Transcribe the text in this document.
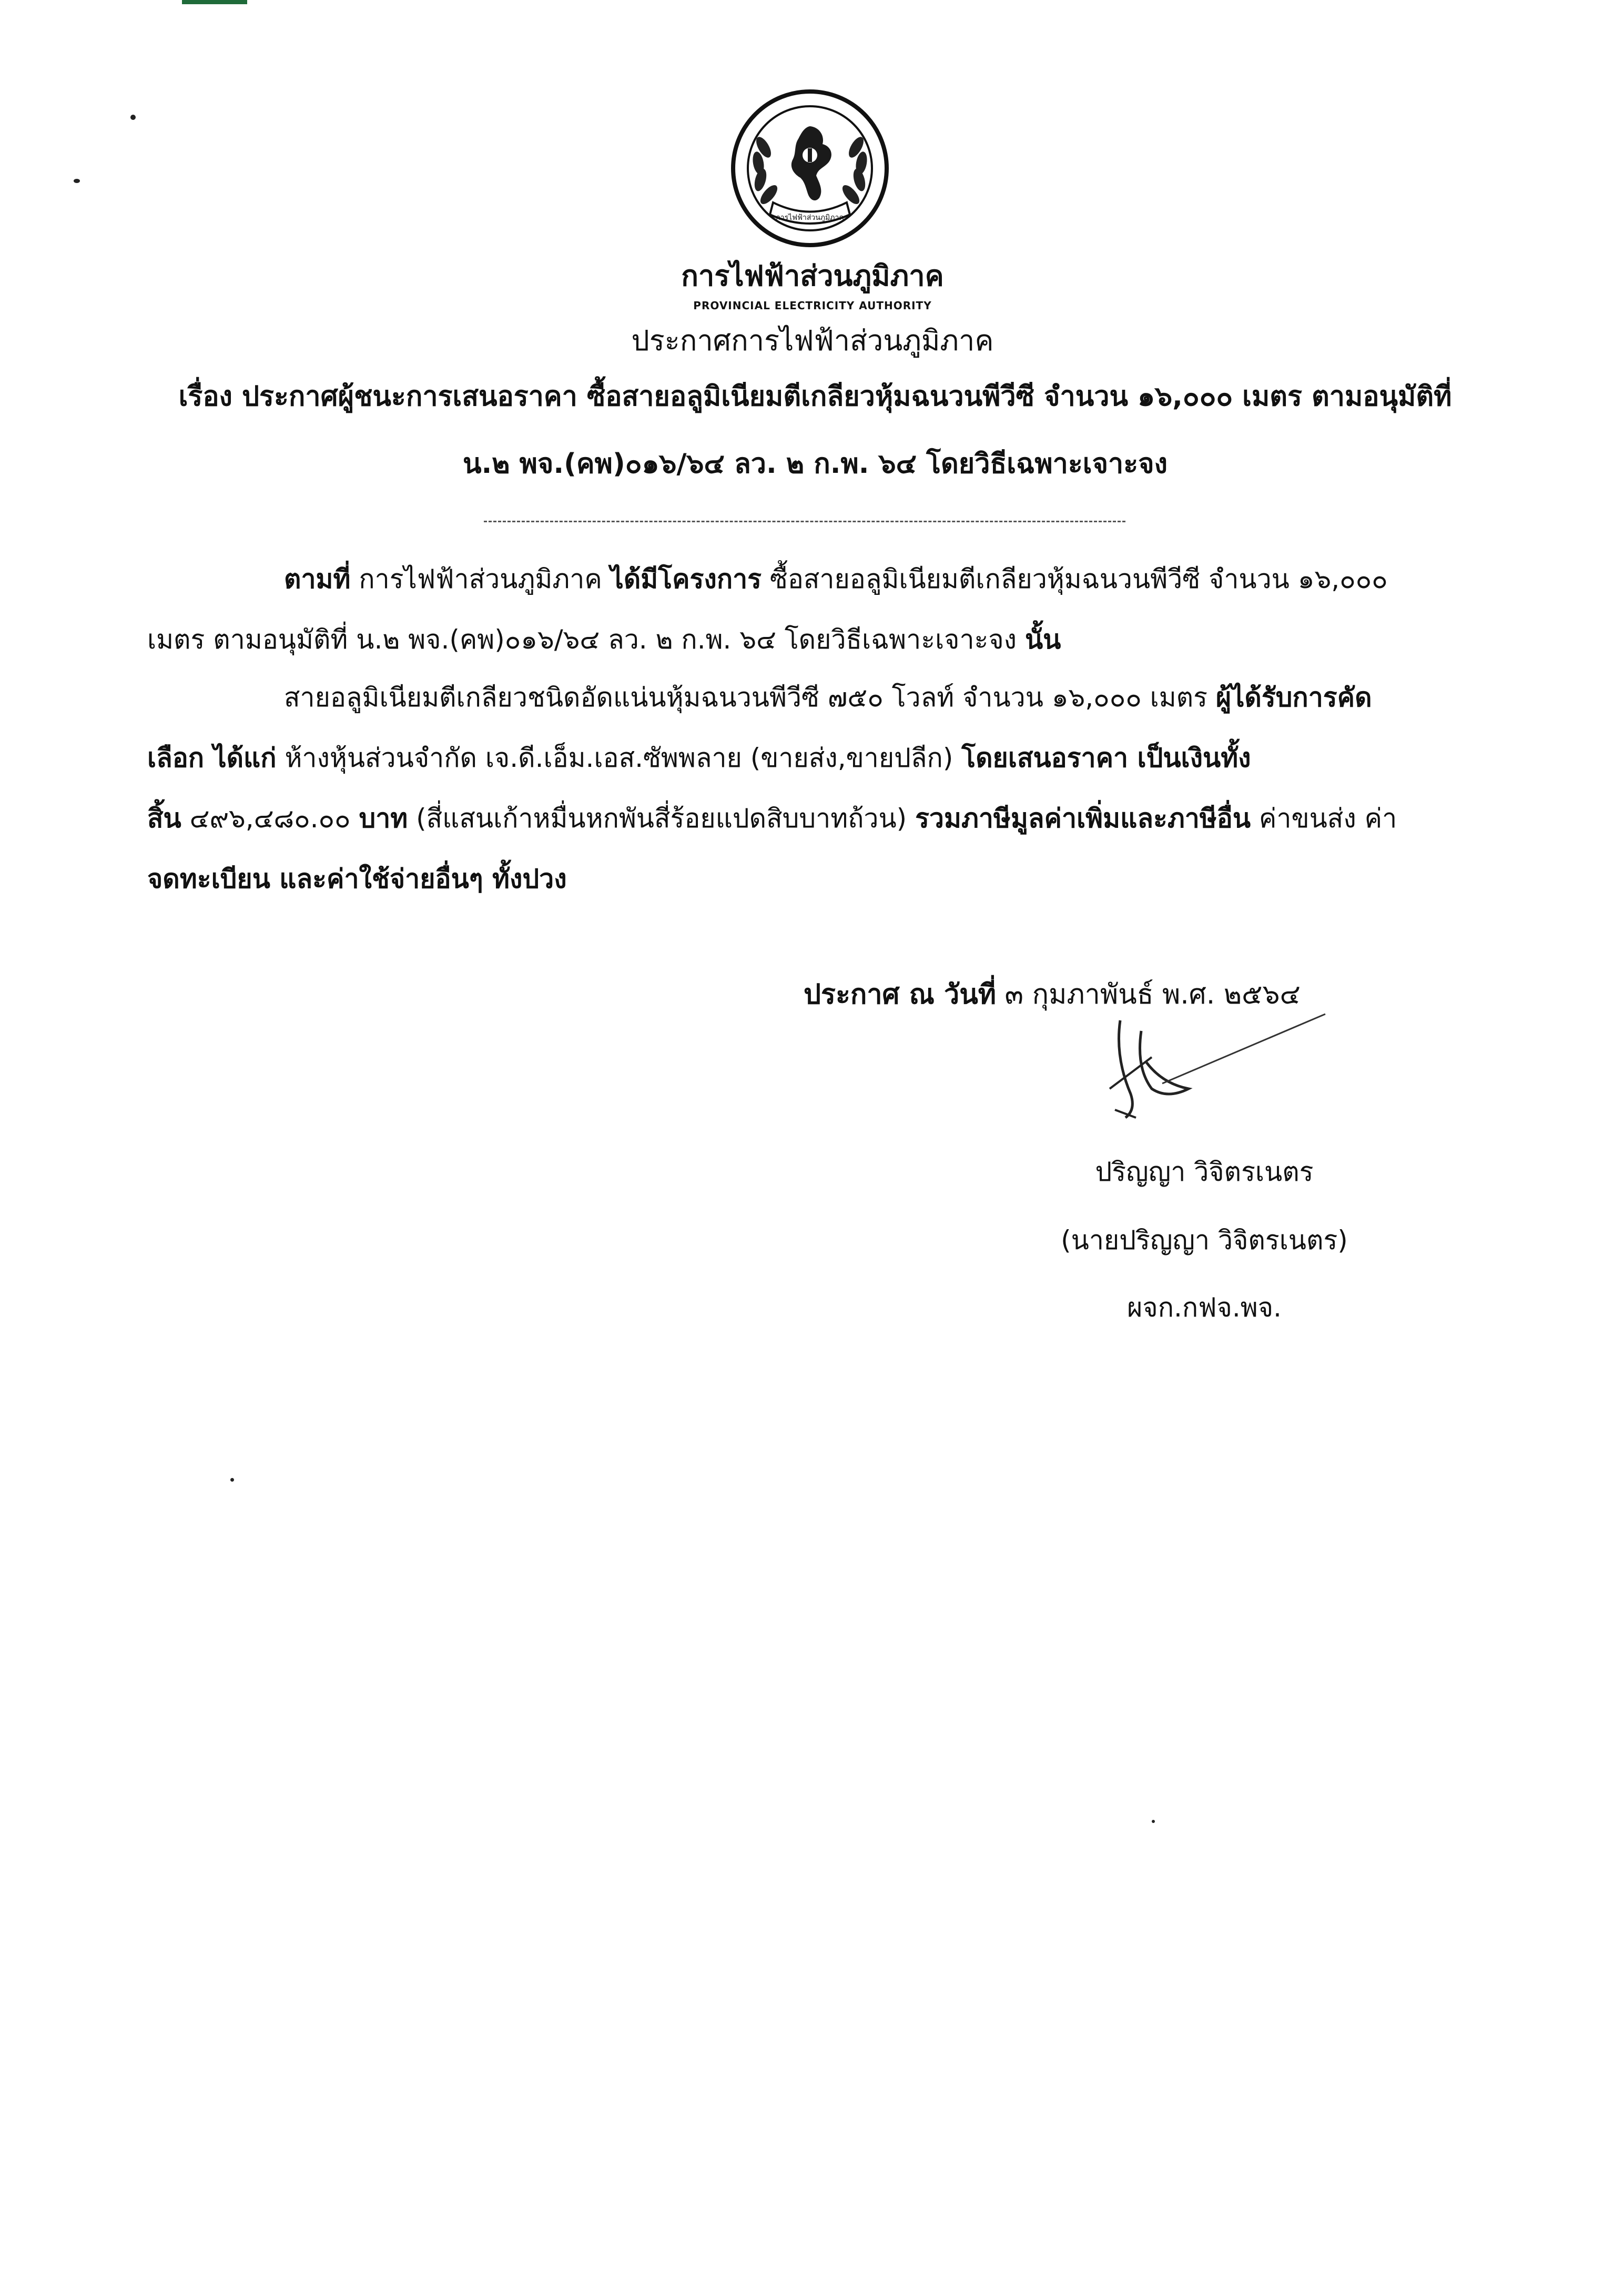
การไฟฟ้าส่วนภูมิภาค
การไฟฟ้าส่วนภูมิภาค
PROVINCIAL ELECTRICITY AUTHORITY
ประกาศการไฟฟ้าส่วนภูมิภาค
เรื่อง ประกาศผู้ชนะการเสนอราคา ซื้อสายอลูมิเนียมตีเกลียวหุ้มฉนวนพีวีซี จำนวน ๑๖,๐๐๐ เมตร ตามอนุมัติที่
น.๒ พจ.(คพ)๐๑๖/๖๔ ลว. ๒ ก.พ. ๖๔ โดยวิธีเฉพาะเจาะจง
ตามที่ การไฟฟ้าส่วนภูมิภาค ได้มีโครงการ ซื้อสายอลูมิเนียมตีเกลียวหุ้มฉนวนพีวีซี จำนวน ๑๖,๐๐๐
เมตร ตามอนุมัติที่ น.๒ พจ.(คพ)๐๑๖/๖๔ ลว. ๒ ก.พ. ๖๔ โดยวิธีเฉพาะเจาะจง นั้น
สายอลูมิเนียมตีเกลียวชนิดอัดแน่นหุ้มฉนวนพีวีซี ๗๕๐ โวลท์ จำนวน ๑๖,๐๐๐ เมตร ผู้ได้รับการคัด
เลือก ได้แก่ ห้างหุ้นส่วนจำกัด เจ.ดี.เอ็ม.เอส.ซัพพลาย (ขายส่ง,ขายปลีก) โดยเสนอราคา เป็นเงินทั้ง
สิ้น ๔๙๖,๔๘๐.๐๐ บาท (สี่แสนเก้าหมื่นหกพันสี่ร้อยแปดสิบบาทถ้วน) รวมภาษีมูลค่าเพิ่มและภาษีอื่น ค่าขนส่ง ค่า
จดทะเบียน และค่าใช้จ่ายอื่นๆ ทั้งปวง
ประกาศ ณ วันที่ ๓ กุมภาพันธ์ พ.ศ. ๒๕๖๔
ปริญญา วิจิตรเนตร
(นายปริญญา วิจิตรเนตร)
ผจก.กฟจ.พจ.
